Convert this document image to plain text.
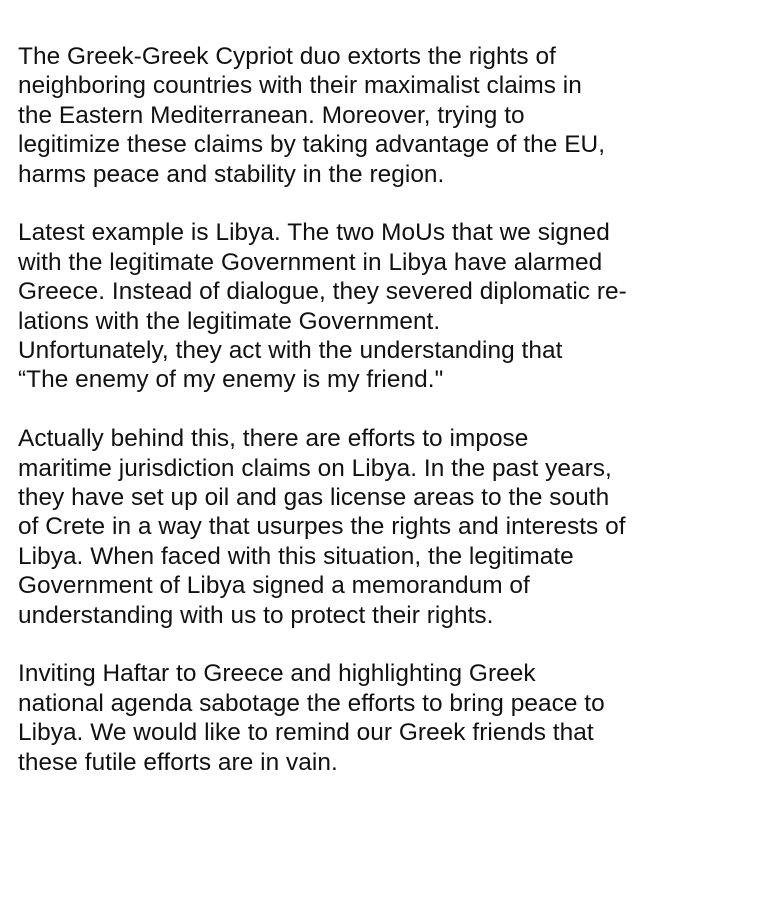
The Greek-Greek Cypriot duo extorts the rights of
neighboring countries with their maximalist claims in
the Eastern Mediterranean. Moreover, trying to
legitimize these claims by taking advantage of the EU,
harms peace and stability in the region.

Latest example is Libya. The two MoUs that we signed
with the legitimate Government in Libya have alarmed
Greece. Instead of dialogue, they severed diplomatic re-
lations with the legitimate Government.
Unfortunately, they act with the understanding that
“The enemy of my enemy is my friend."

Actually behind this, there are efforts to impose
maritime jurisdiction claims on Libya. In the past years,
they have set up oil and gas license areas to the south
of Crete in a way that usurpes the rights and interests of
Libya. When faced with this situation, the legitimate
Government of Libya signed a memorandum of
understanding with us to protect their rights.

Inviting Haftar to Greece and highlighting Greek
national agenda sabotage the efforts to bring peace to
Libya. We would like to remind our Greek friends that
these futile efforts are in vain.
